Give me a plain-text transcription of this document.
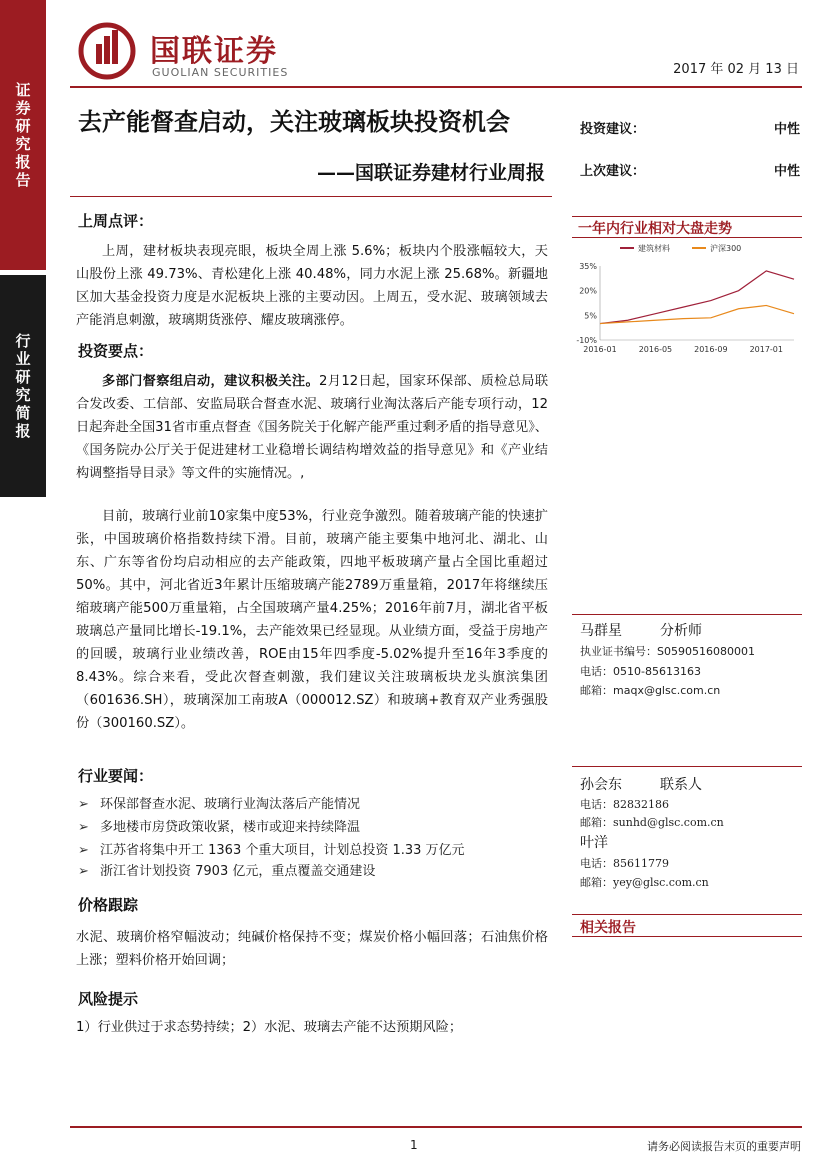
证券研究报告
行业研究简报
国联证券
GUOLIAN SECURITIES	2017 年 02 月 13 日
去产能督查启动，关注玻璃板块投资机会
——国联证券建材行业周报
投资建议：	中性
上次建议：	中性
上周点评：
上周，建材板块表现亮眼，板块全周上涨 5.6%；板块内个股涨幅较大，天山股份上涨 49.73%、青松建化上涨 40.48%，同力水泥上涨 25.68%。新疆地区加大基金投资力度是水泥板块上涨的主要动因。上周五，受水泥、玻璃领域去产能消息刺激，玻璃期货涨停、耀皮玻璃涨停。
投资要点：
多部门督察组启动，建议积极关注。2月12日起，国家环保部、质检总局联合发改委、工信部、安监局联合督查水泥、玻璃行业淘汰落后产能专项行动，12日起奔赴全国31省市重点督查《国务院关于化解产能严重过剩矛盾的指导意见》、《国务院办公厅关于促进建材工业稳增长调结构增效益的指导意见》和《产业结构调整指导目录》等文件的实施情况。,
目前，玻璃行业前10家集中度53%，行业竞争激烈。随着玻璃产能的快速扩张，中国玻璃价格指数持续下滑。目前，玻璃产能主要集中地河北、湖北、山东、广东等省份均启动相应的去产能政策，四地平板玻璃产量占全国比重超过50%。其中，河北省近3年累计压缩玻璃产能2789万重量箱，2017年将继续压缩玻璃产能500万重量箱，占全国玻璃产量4.25%；2016年前7月，湖北省平板玻璃总产量同比增长-19.1%，去产能效果已经显现。从业绩方面，受益于房地产的回暖，玻璃行业业绩改善，ROE由15年四季度-5.02%提升至16年3季度的8.43%。综合来看，受此次督查刺激，我们建议关注玻璃板块龙头旗滨集团（601636.SH），玻璃深加工南玻A（000012.SZ）和玻璃+教育双产业秀强股份（300160.SZ）。
行业要闻：
➢ 环保部督查水泥、玻璃行业淘汰落后产能情况
➢ 多地楼市房贷政策收紧，楼市或迎来持续降温
➢ 江苏省将集中开工 1363 个重大项目，计划总投资 1.33 万亿元
➢ 浙江省计划投资 7903 亿元，重点覆盖交通建设
价格跟踪
水泥、玻璃价格窄幅波动；纯碱价格保持不变；煤炭价格小幅回落；石油焦价格上涨；塑料价格开始回调；
风险提示
1）行业供过于求态势持续；2）水泥、玻璃去产能不达预期风险；
一年内行业相对大盘走势
建筑材料	沪深300
35%
20%
5%
-10%
2016-01	2016-05	2016-09	2017-01
马群星	分析师
执业证书编号：S0590516080001
电话：0510-85613163
邮箱：maqx@glsc.com.cn
孙会东	联系人
电话：82832186
邮箱：sunhd@glsc.com.cn
叶洋
电话：85611779
邮箱：yey@glsc.com.cn
相关报告
1	请务必阅读报告末页的重要声明
